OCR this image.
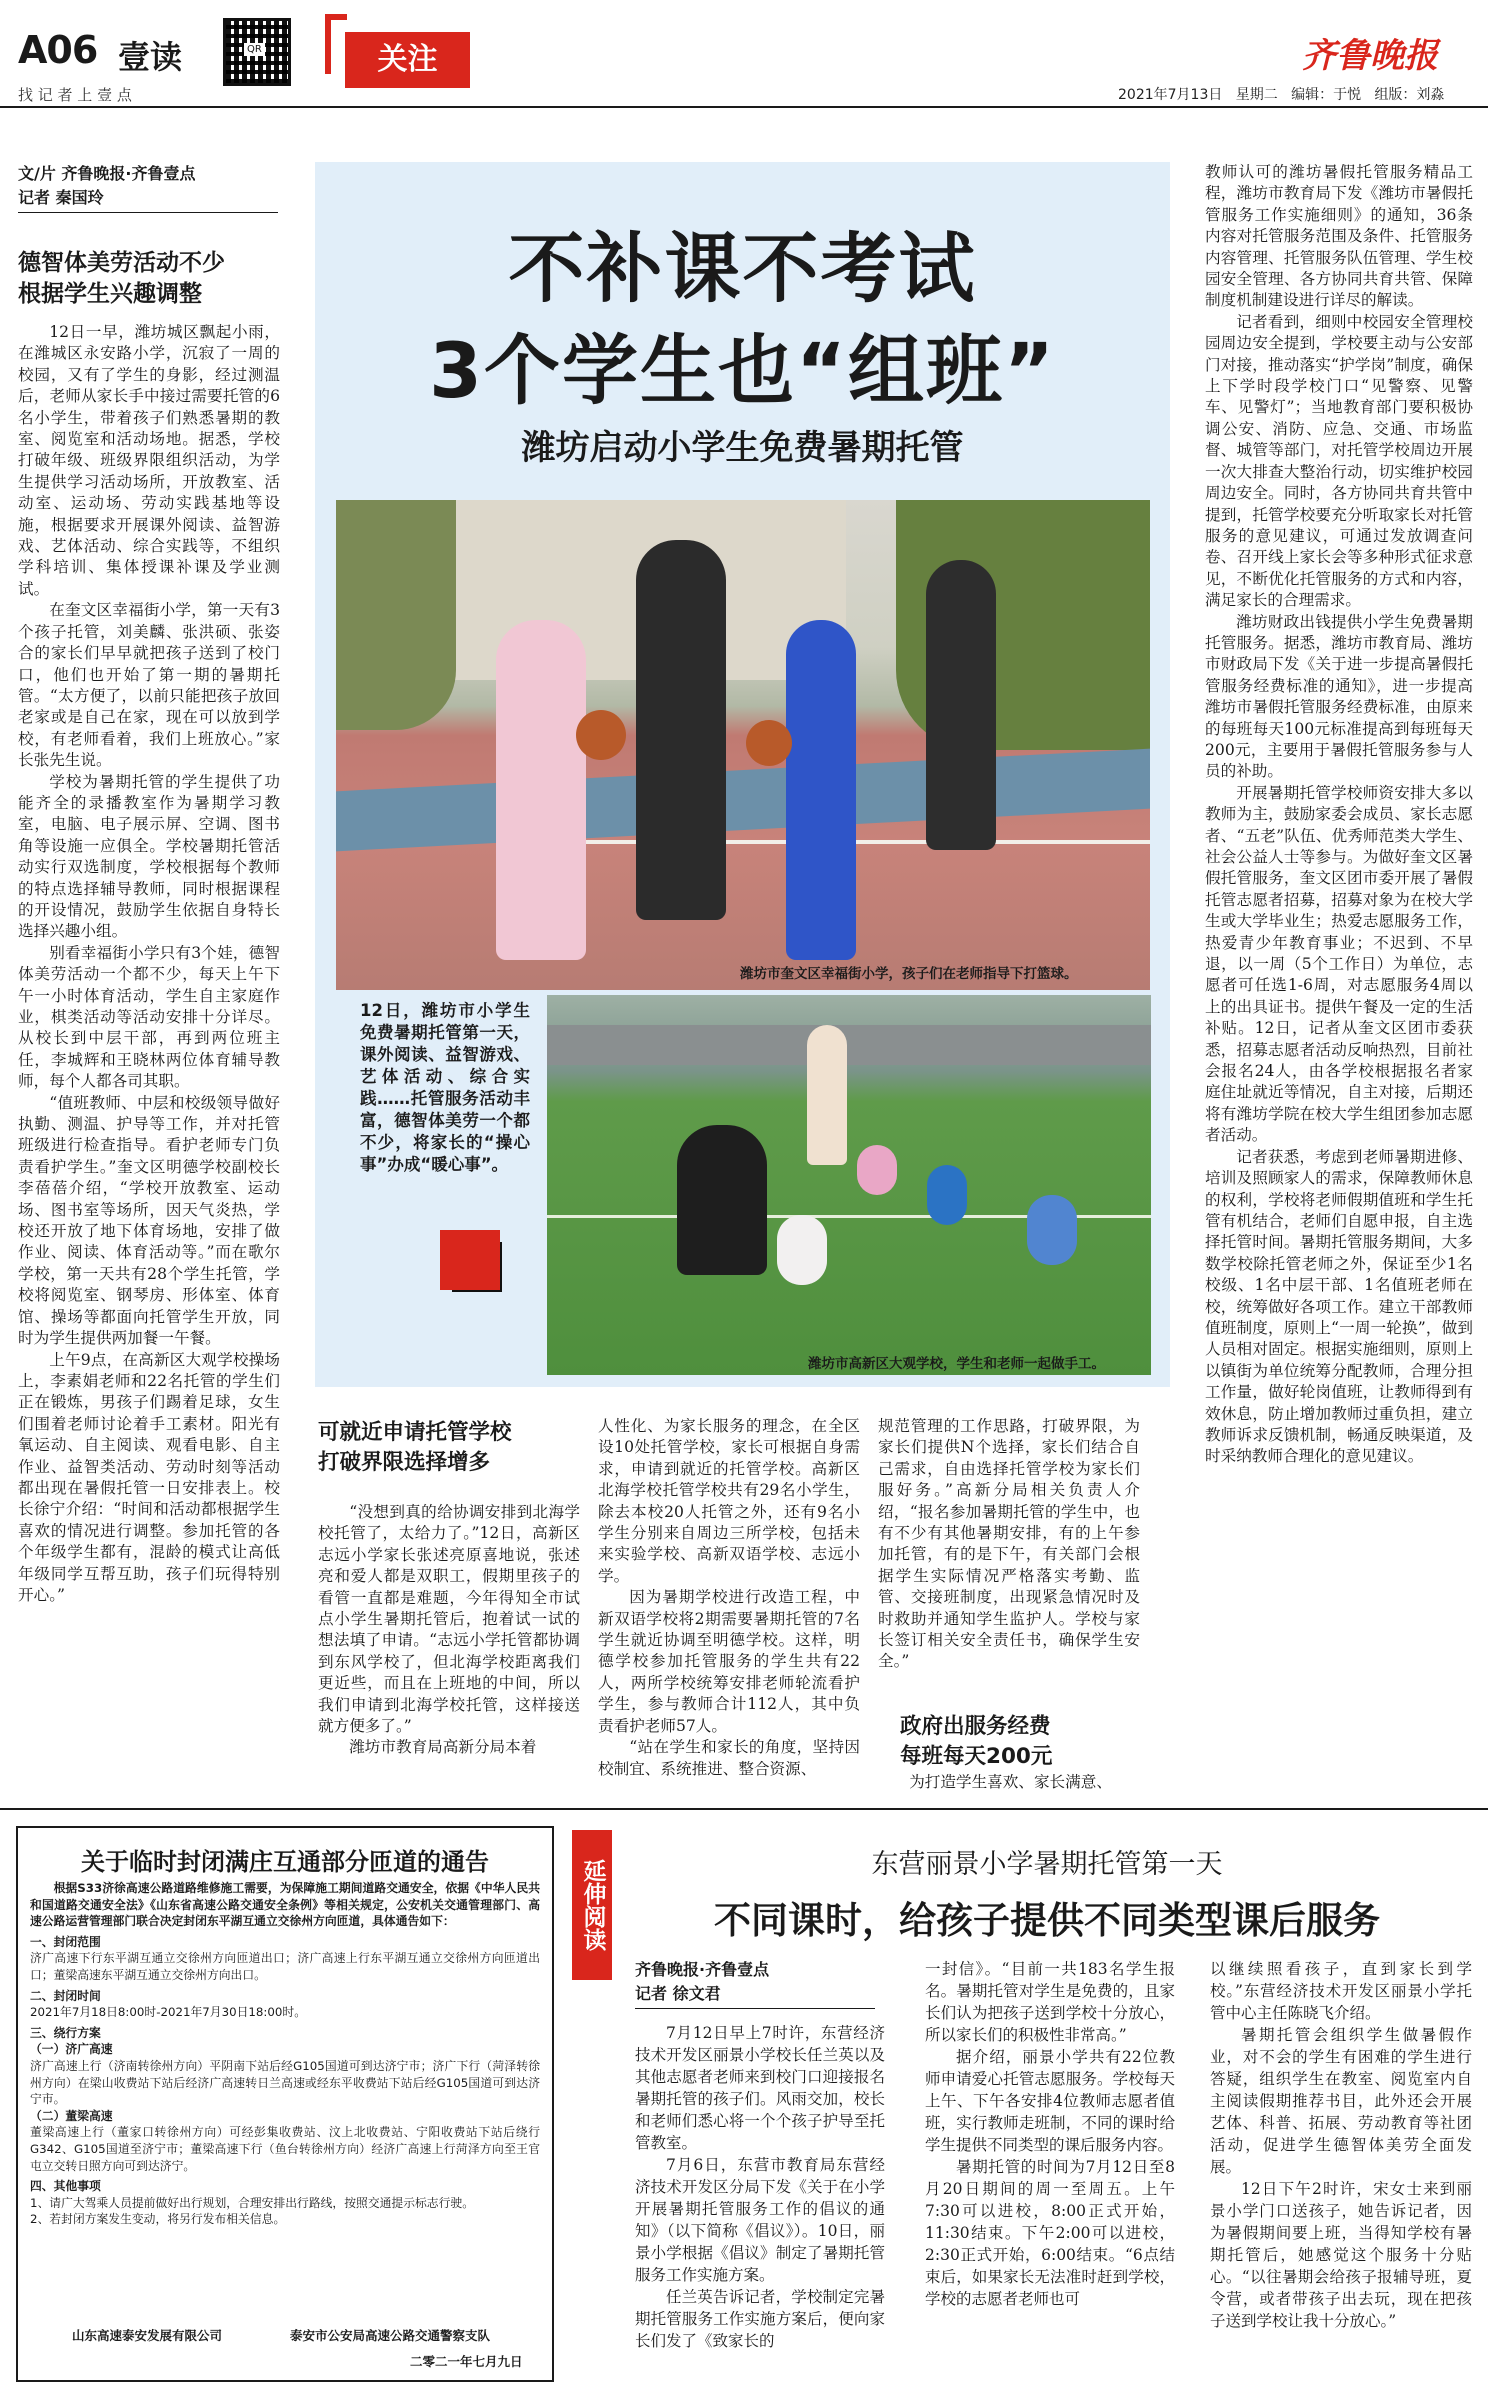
A06 壹读
找 记 者 上 壹 点
QR	关注	齐鲁晚报
2021年7月13日 星期二 编辑：于悦 组版：刘淼
文/片 齐鲁晚报·齐鲁壹点
记者 秦国玲
德智体美劳活动不少
根据学生兴趣调整

12日一早，潍坊城区飘起小雨，在潍城区永安路小学，沉寂了一周的校园，又有了学生的身影，经过测温后，老师从家长手中接过需要托管的6名小学生，带着孩子们熟悉暑期的教室、阅览室和活动场地。据悉，学校打破年级、班级界限组织活动，为学生提供学习活动场所，开放教室、活动室、运动场、劳动实践基地等设施，根据要求开展课外阅读、益智游戏、艺体活动、综合实践等，不组织学科培训、集体授课补课及学业测试。

在奎文区幸福街小学，第一天有3个孩子托管，刘美麟、张洪硕、张姿合的家长们早早就把孩子送到了校门口，他们也开始了第一期的暑期托管。“太方便了，以前只能把孩子放回老家或是自己在家，现在可以放到学校，有老师看着，我们上班放心。”家长张先生说。

学校为暑期托管的学生提供了功能齐全的录播教室作为暑期学习教室，电脑、电子展示屏、空调、图书角等设施一应俱全。学校暑期托管活动实行双选制度，学校根据每个教师的特点选择辅导教师，同时根据课程的开设情况，鼓励学生依据自身特长选择兴趣小组。

别看幸福街小学只有3个娃，德智体美劳活动一个都不少，每天上午下午一小时体育活动，学生自主家庭作业，棋类活动等活动安排十分详尽。从校长到中层干部，再到两位班主任，李城辉和王晓林两位体育辅导教师，每个人都各司其职。

“值班教师、中层和校级领导做好执勤、测温、护导等工作，并对托管班级进行检查指导。看护老师专门负责看护学生。”奎文区明德学校副校长李蓓蓓介绍，“学校开放教室、运动场、图书室等场所，因天气炎热，学校还开放了地下体育场地，安排了做作业、阅读、体育活动等。”而在歌尔学校，第一天共有28个学生托管，学校将阅览室、钢琴房、形体室、体育馆、操场等都面向托管学生开放，同时为学生提供两加餐一午餐。

上午9点，在高新区大观学校操场上，李素娟老师和22名托管的学生们正在锻炼，男孩子们踢着足球，女生们围着老师讨论着手工素材。阳光有氧运动、自主阅读、观看电影、自主作业、益智类活动、劳动时刻等活动都出现在暑假托管一日安排表上。校长徐宁介绍：“时间和活动都根据学生喜欢的情况进行调整。参加托管的各个年级学生都有，混龄的模式让高低年级同学互帮互助，孩子们玩得特别开心。”

不补课不考试
3个学生也“组班”
潍坊启动小学生免费暑期托管
潍坊市奎文区幸福街小学，孩子们在老师指导下打篮球。
12日，潍坊市小学生免费暑期托管第一天，课外阅读、益智游戏、艺体活动、综合实践……托管服务活动丰富，德智体美劳一个都不少，将家长的“操心事”办成“暖心事”。
潍坊市高新区大观学校，学生和老师一起做手工。
可就近申请托管学校
打破界限选择增多

“没想到真的给协调安排到北海学校托管了，太给力了。”12日，高新区志远小学家长张述亮原喜地说，张述亮和爱人都是双职工，假期里孩子的看管一直都是难题，今年得知全市试点小学生暑期托管后，抱着试一试的想法填了申请。“志远小学托管都协调到东风学校了，但北海学校距离我们更近些，而且在上班地的中间，所以我们申请到北海学校托管，这样接送就方便多了。”

潍坊市教育局高新分局本着

人性化、为家长服务的理念，在全区设10处托管学校，家长可根据自身需求，申请到就近的托管学校。高新区北海学校托管学校共有29名小学生，除去本校20人托管之外，还有9名小学生分别来自周边三所学校，包括未来实验学校、高新双语学校、志远小学。

因为暑期学校进行改造工程，中新双语学校将2期需要暑期托管的7名学生就近协调至明德学校。这样，明德学校参加托管服务的学生共有22人，两所学校统筹安排老师轮流看护学生，参与教师合计112人，其中负责看护老师57人。

“站在学生和家长的角度，坚持因校制宜、系统推进、整合资源、

规范管理的工作思路，打破界限，为家长们提供N个选择，家长们结合自己需求，自由选择托管学校为家长们服好务。”高新分局相关负责人介绍，“报名参加暑期托管的学生中，也有不少有其他暑期安排，有的上午参加托管，有的是下午，有关部门会根据学生实际情况严格落实考勤、监管、交接班制度，出现紧急情况时及时救助并通知学生监护人。学校与家长签订相关安全责任书，确保学生安全。”

政府出服务经费
每班每天200元

为打造学生喜欢、家长满意、

教师认可的潍坊暑假托管服务精品工程，潍坊市教育局下发《潍坊市暑假托管服务工作实施细则》的通知，36条内容对托管服务范围及条件、托管服务内容管理、托管服务队伍管理、学生校园安全管理、各方协同共育共管、保障制度机制建设进行详尽的解读。

记者看到，细则中校园安全管理校园周边安全提到，学校要主动与公安部门对接，推动落实“护学岗”制度，确保上下学时段学校门口“见警察、见警车、见警灯”；当地教育部门要积极协调公安、消防、应急、交通、市场监督、城管等部门，对托管学校周边开展一次大排查大整治行动，切实维护校园周边安全。同时，各方协同共育共管中提到，托管学校要充分听取家长对托管服务的意见建议，可通过发放调查问卷、召开线上家长会等多种形式征求意见，不断优化托管服务的方式和内容，满足家长的合理需求。

潍坊财政出钱提供小学生免费暑期托管服务。据悉，潍坊市教育局、潍坊市财政局下发《关于进一步提高暑假托管服务经费标准的通知》，进一步提高潍坊市暑假托管服务经费标准，由原来的每班每天100元标准提高到每班每天200元，主要用于暑假托管服务参与人员的补助。

开展暑期托管学校师资安排大多以教师为主，鼓励家委会成员、家长志愿者、“五老”队伍、优秀师范类大学生、社会公益人士等参与。为做好奎文区暑假托管服务，奎文区团市委开展了暑假托管志愿者招募，招募对象为在校大学生或大学毕业生；热爱志愿服务工作，热爱青少年教育事业；不迟到、不早退，以一周（5个工作日）为单位，志愿者可任选1-6周，对志愿服务4周以上的出具证书。提供午餐及一定的生活补贴。12日，记者从奎文区团市委获悉，招募志愿者活动反响热烈，目前社会报名24人，由各学校根据报名者家庭住址就近等情况，自主对接，后期还将有潍坊学院在校大学生组团参加志愿者活动。

记者获悉，考虑到老师暑期进修、培训及照顾家人的需求，保障教师休息的权利，学校将老师假期值班和学生托管有机结合，老师们自愿申报，自主选择托管时间。暑期托管服务期间，大多数学校除托管老师之外，保证至少1名校级、1名中层干部、1名值班老师在校，统筹做好各项工作。建立干部教师值班制度，原则上“一周一轮换”，做到人员相对固定。根据实施细则，原则上以镇街为单位统筹分配教师，合理分担工作量，做好轮岗值班，让教师得到有效休息，防止增加教师过重负担，建立教师诉求反馈机制，畅通反映渠道，及时采纳教师合理化的意见建议。

关于临时封闭满庄互通部分匝道的通告
根据S33济徐高速公路道路维修施工需要，为保障施工期间道路交通安全，依据《中华人民共和国道路交通安全法》《山东省高速公路交通安全条例》等相关规定，公安机关交通管理部门、高速公路运营管理部门联合决定封闭东平湖互通立交徐州方向匝道，具体通告如下：
一、封闭范围
济广高速下行东平湖互通立交徐州方向匝道出口；济广高速上行东平湖互通立交徐州方向匝道出口；董梁高速东平湖互通立交徐州方向出口。
二、封闭时间
2021年7月18日8:00时-2021年7月30日18:00时。
三、绕行方案
（一）济广高速
济广高速上行（济南转徐州方向）平阴南下站后经G105国道可到达济宁市；济广下行（菏泽转徐州方向）在梁山收费站下站后经济广高速转日兰高速或经东平收费站下站后经G105国道可到达济宁市。
（二）董梁高速
董梁高速上行（董家口转徐州方向）可经彭集收费站、汶上北收费站、宁阳收费站下站后绕行G342、G105国道至济宁市；董梁高速下行（鱼台转徐州方向）经济广高速上行菏泽方向至王官屯立交转日照方向可到达济宁。
四、其他事项
1、请广大驾乘人员提前做好出行规划，合理安排出行路线，按照交通提示标志行驶。
2、若封闭方案发生变动，将另行发布相关信息。
山东高速泰安发展有限公司	泰安市公安局高速公路交通警察支队
二零二一年七月九日
延伸阅读	东营丽景小学暑期托管第一天
不同课时，给孩子提供不同类型课后服务
齐鲁晚报·齐鲁壹点
记者 徐文君

7月12日早上7时许，东营经济技术开发区丽景小学校长任兰英以及其他志愿者老师来到校门口迎接报名暑期托管的孩子们。风雨交加，校长和老师们悉心将一个个孩子护导至托管教室。

7月6日，东营市教育局东营经济技术开发区分局下发《关于在小学开展暑期托管服务工作的倡议的通知》（以下简称《倡议》）。10日，丽景小学根据《倡议》制定了暑期托管服务工作实施方案。

任兰英告诉记者，学校制定完暑期托管服务工作实施方案后，便向家长们发了《致家长的

一封信》。“目前一共183名学生报名。暑期托管对学生是免费的，且家长们认为把孩子送到学校十分放心，所以家长们的积极性非常高。”

据介绍，丽景小学共有22位教师申请爱心托管志愿服务。学校每天上午、下午各安排4位教师志愿者值班，实行教师走班制，不同的课时给学生提供不同类型的课后服务内容。

暑期托管的时间为7月12日至8月20日期间的周一至周五。上午7:30可以进校，8:00正式开始，11:30结束。下午2:00可以进校，2:30正式开始，6:00结束。“6点结束后，如果家长无法准时赶到学校，学校的志愿者老师也可

以继续照看孩子，直到家长到学校。”东营经济技术开发区丽景小学托管中心主任陈晓飞介绍。

暑期托管会组织学生做暑假作业，对不会的学生有困难的学生进行答疑，组织学生在教室、阅览室内自主阅读假期推荐书目，此外还会开展艺体、科普、拓展、劳动教育等社团活动，促进学生德智体美劳全面发展。

12日下午2时许，宋女士来到丽景小学门口送孩子，她告诉记者，因为暑假期间要上班，当得知学校有暑期托管后，她感觉这个服务十分贴心。“以往暑期会给孩子报辅导班，夏令营，或者带孩子出去玩，现在把孩子送到学校让我十分放心。”
